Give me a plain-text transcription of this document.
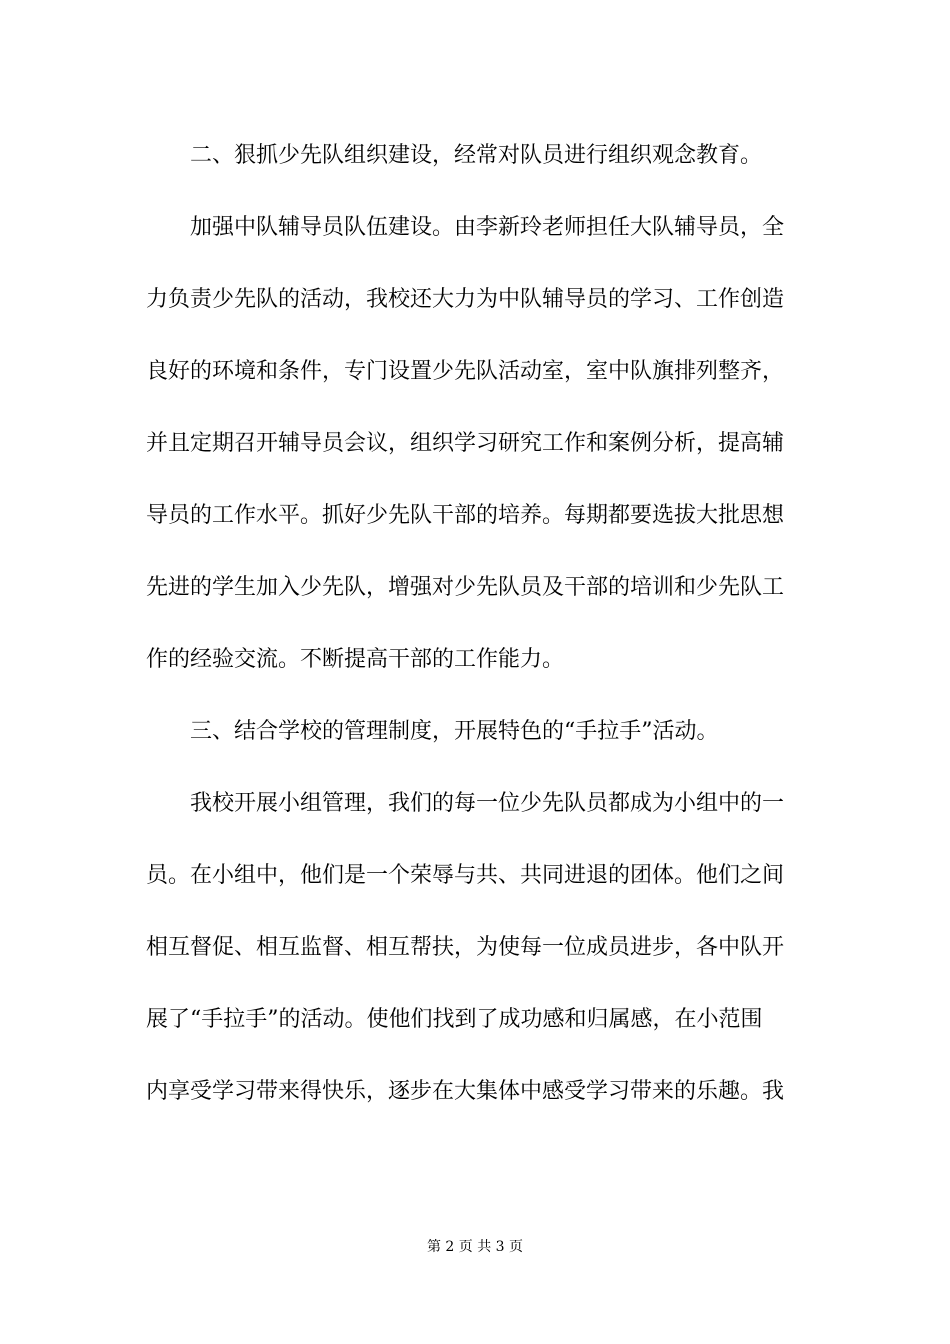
二、狠抓少先队组织建设，经常对队员进行组织观念教育。

加强中队辅导员队伍建设。由李新玲老师担任大队辅导员，全

力负责少先队的活动，我校还大力为中队辅导员的学习、工作创造

良好的环境和条件，专门设置少先队活动室，室中队旗排列整齐，

并且定期召开辅导员会议，组织学习研究工作和案例分析，提高辅

导员的工作水平。抓好少先队干部的培养。每期都要选拔大批思想

先进的学生加入少先队，增强对少先队员及干部的培训和少先队工

作的经验交流。不断提高干部的工作能力。

三、结合学校的管理制度，开展特色的“手拉手”活动。

我校开展小组管理，我们的每一位少先队员都成为小组中的一

员。在小组中，他们是一个荣辱与共、共同进退的团体。他们之间

相互督促、相互监督、相互帮扶，为使每一位成员进步，各中队开

展了“手拉手”的活动。使他们找到了成功感和归属感，在小范围

内享受学习带来得快乐，逐步在大集体中感受学习带来的乐趣。我

第 2 页 共 3 页
